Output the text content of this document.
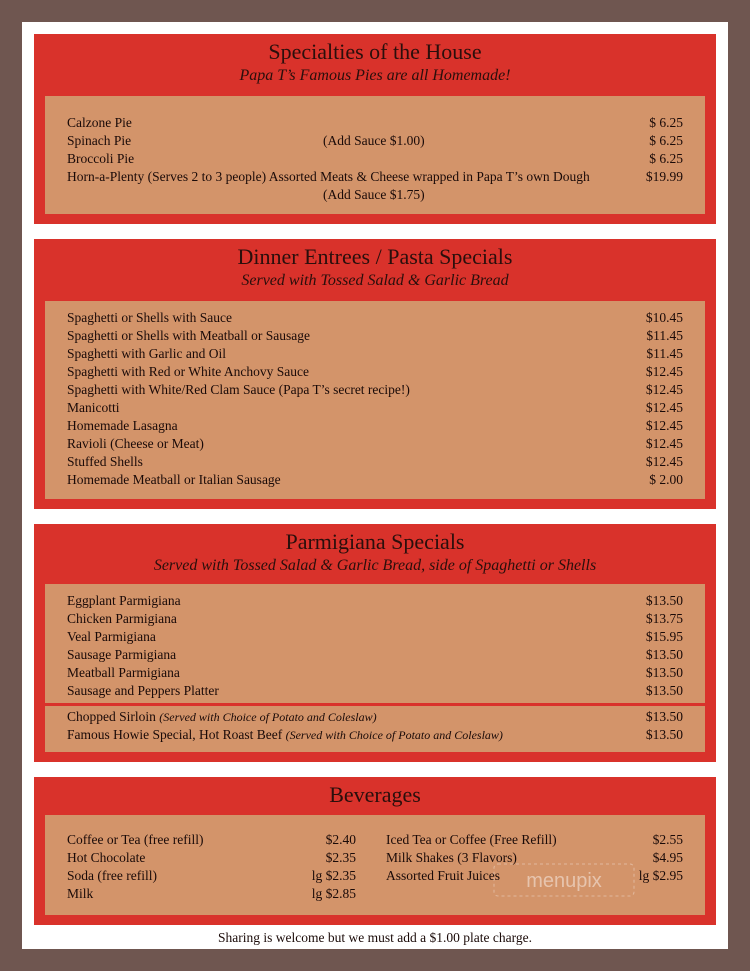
Specialties of the House
Papa T’s Famous Pies are all Homemade!
Calzone Pie	$ 6.25
Spinach Pie	(Add Sauce $1.00)	$ 6.25
Broccoli Pie	$ 6.25
Horn-a-Plenty (Serves 2 to 3 people) Assorted Meats & Cheese wrapped in Papa T’s own Dough	$19.99
(Add Sauce $1.75)
Dinner Entrees / Pasta Specials
Served with Tossed Salad & Garlic Bread
Spaghetti or Shells with Sauce	$10.45
Spaghetti or Shells with Meatball or Sausage	$11.45
Spaghetti with Garlic and Oil	$11.45
Spaghetti with Red or White Anchovy Sauce	$12.45
Spaghetti with White/Red Clam Sauce (Papa T’s secret recipe!)	$12.45
Manicotti	$12.45
Homemade Lasagna	$12.45
Ravioli (Cheese or Meat)	$12.45
Stuffed Shells	$12.45
Homemade Meatball or Italian Sausage	$ 2.00
Parmigiana Specials
Served with Tossed Salad & Garlic Bread, side of Spaghetti or Shells
Eggplant Parmigiana	$13.50
Chicken Parmigiana	$13.75
Veal Parmigiana	$15.95
Sausage Parmigiana	$13.50
Meatball Parmigiana	$13.50
Sausage and Peppers Platter	$13.50
Chopped Sirloin (Served with Choice of Potato and Coleslaw)	$13.50
Famous Howie Special, Hot Roast Beef (Served with Choice of Potato and Coleslaw)	$13.50
Beverages
Coffee or Tea (free refill)	$2.40
Hot Chocolate	$2.35
Soda (free refill)	lg $2.35
Milk	lg $2.85
Iced Tea or Coffee (Free Refill)	$2.55
Milk Shakes (3 Flavors)	$4.95
Assorted Fruit Juices	lg $2.95
Sharing is welcome but we must add a $1.00 plate charge.
menupix
